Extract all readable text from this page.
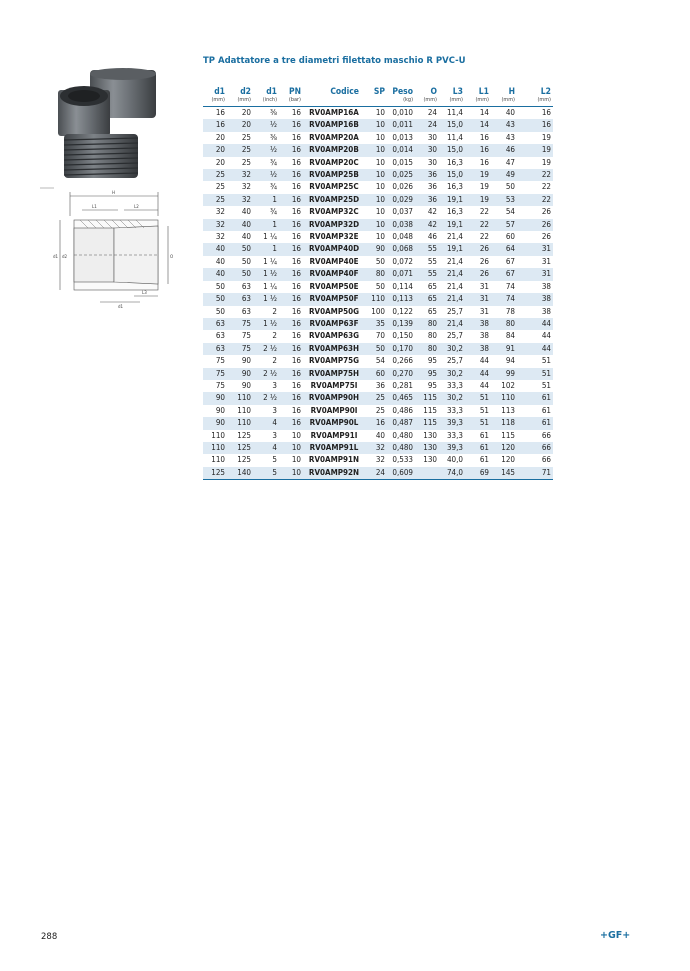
TP Adattatore a tre diametri filettato maschio R PVC-U
H
L1	L2
d1 d2	O
L3
d1
d1	d2	d1	PN	Codice	SP	Peso	O	L3	L1	H	L2
(mm)	(mm)	(inch)	(bar)			(kg)	(mm)	(mm)	(mm)	(mm)	(mm)
16	20	⅜	16	RV0AMP16A	10	0,010	24	11,4	14	40	16
16	20	½	16	RV0AMP16B	10	0,011	24	15,0	14	43	16
20	25	⅜	16	RV0AMP20A	10	0,013	30	11,4	16	43	19
20	25	½	16	RV0AMP20B	10	0,014	30	15,0	16	46	19
20	25	¾	16	RV0AMP20C	10	0,015	30	16,3	16	47	19
25	32	½	16	RV0AMP25B	10	0,025	36	15,0	19	49	22
25	32	¾	16	RV0AMP25C	10	0,026	36	16,3	19	50	22
25	32	1	16	RV0AMP25D	10	0,029	36	19,1	19	53	22
32	40	¾	16	RV0AMP32C	10	0,037	42	16,3	22	54	26
32	40	1	16	RV0AMP32D	10	0,038	42	19,1	22	57	26
32	40	1 ¼	16	RV0AMP32E	10	0,048	46	21,4	22	60	26
40	50	1	16	RV0AMP40D	90	0,068	55	19,1	26	64	31
40	50	1 ¼	16	RV0AMP40E	50	0,072	55	21,4	26	67	31
40	50	1 ½	16	RV0AMP40F	80	0,071	55	21,4	26	67	31
50	63	1 ¼	16	RV0AMP50E	50	0,114	65	21,4	31	74	38
50	63	1 ½	16	RV0AMP50F	110	0,113	65	21,4	31	74	38
50	63	2	16	RV0AMP50G	100	0,122	65	25,7	31	78	38
63	75	1 ½	16	RV0AMP63F	35	0,139	80	21,4	38	80	44
63	75	2	16	RV0AMP63G	70	0,150	80	25,7	38	84	44
63	75	2 ½	16	RV0AMP63H	50	0,170	80	30,2	38	91	44
75	90	2	16	RV0AMP75G	54	0,266	95	25,7	44	94	51
75	90	2 ½	16	RV0AMP75H	60	0,270	95	30,2	44	99	51
75	90	3	16	RV0AMP75I	36	0,281	95	33,3	44	102	51
90	110	2 ½	16	RV0AMP90H	25	0,465	115	30,2	51	110	61
90	110	3	16	RV0AMP90I	25	0,486	115	33,3	51	113	61
90	110	4	16	RV0AMP90L	16	0,487	115	39,3	51	118	61
110	125	3	10	RV0AMP91I	40	0,480	130	33,3	61	115	66
110	125	4	10	RV0AMP91L	32	0,480	130	39,3	61	120	66
110	125	5	10	RV0AMP91N	32	0,533	130	40,0	61	120	66
125	140	5	10	RV0AMP92N	24	0,609		74,0	69	145	71
288	+GF+
